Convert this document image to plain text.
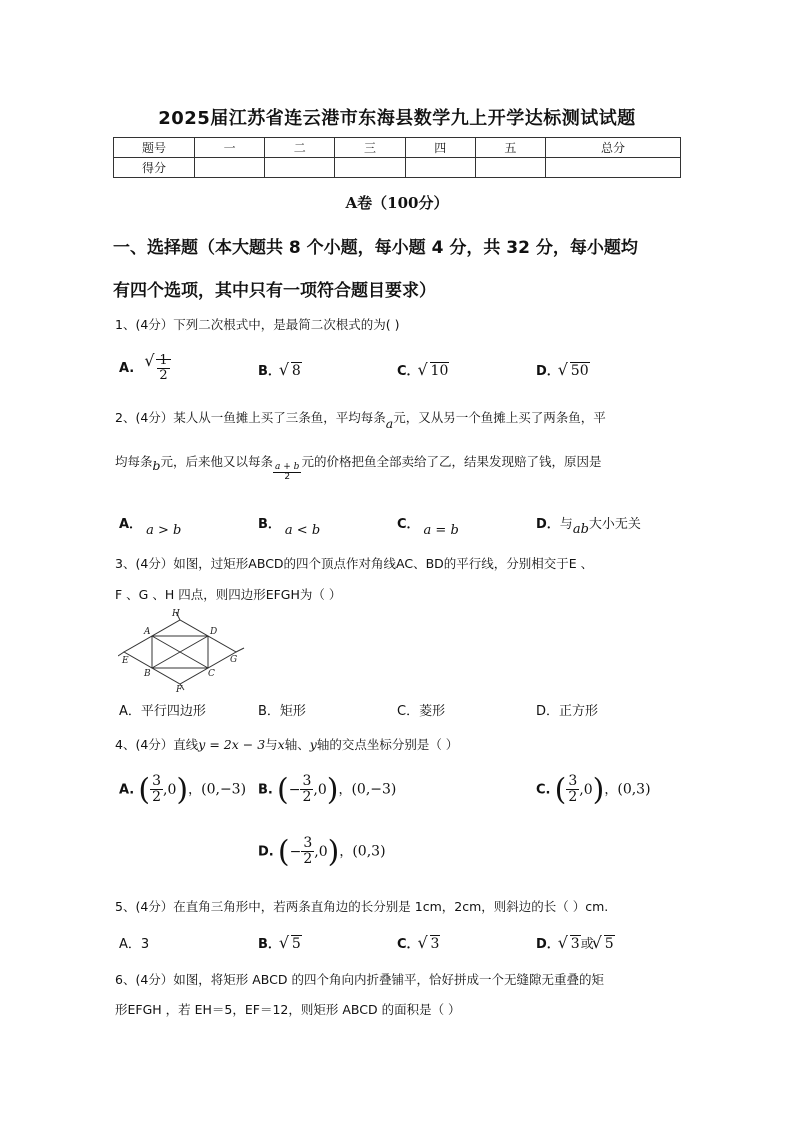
2025届江苏省连云港市东海县数学九上开学达标测试试题
题号	一	二	三	四	五	总分
得分						
A卷（100分）
一、选择题（本大题共 8 个小题，每小题 4 分，共 32 分，每小题均
有四个选项，其中只有一项符合题目要求）
1、(4分）下列二次根式中，是最简二次根式的为( )
A. √ $\frac{1}{2}$	B． √ 8	C． √ 10	D． √ 50
2、(4分）某人从一鱼摊上买了三条鱼，平均每条a元，又从另一个鱼摊上买了两条鱼，平
均每条b元，后来他又以每条
$\frac{a + b}{2}$
元的价格把鱼全部卖给了乙，结果发现赔了钱，原因是
A． a > b	B． a < b	C． a = b	D．与ab大小无关
3、(4分）如图，过矩形ABCD的四个顶点作对角线AC、BD的平行线，分别相交于E 、
F 、G 、H 四点，则四边形EFGH为（ ）
H
A	D
E
B	C
G
F
A．平行四边形	B．矩形	C．菱形	D．正方形
4、(4分）直线y = 2x − 3与x轴、y轴的交点坐标分别是（ ）
A. ( $\frac{3}{2} ,0$)，(0,−3) B. (− $\frac{3}{2} ,0$)，(0,−3)	C. ( $\frac{3}{2} ,0$)，(0,3)
D. (− $\frac{3}{2} ,0$)，(0,3)
5、(4分）在直角三角形中，若两条直角边的长分别是 1cm，2cm，则斜边的长（ ）cm.
A．3	B． √ 5	C． √ 3	D． √ 3或 √ 5
6、(4分）如图，将矩形 ABCD 的四个角向内折叠铺平，恰好拼成一个无缝隙无重叠的矩
形EFGH ，若 EH＝5，EF＝12，则矩形 ABCD 的面积是（ ）
